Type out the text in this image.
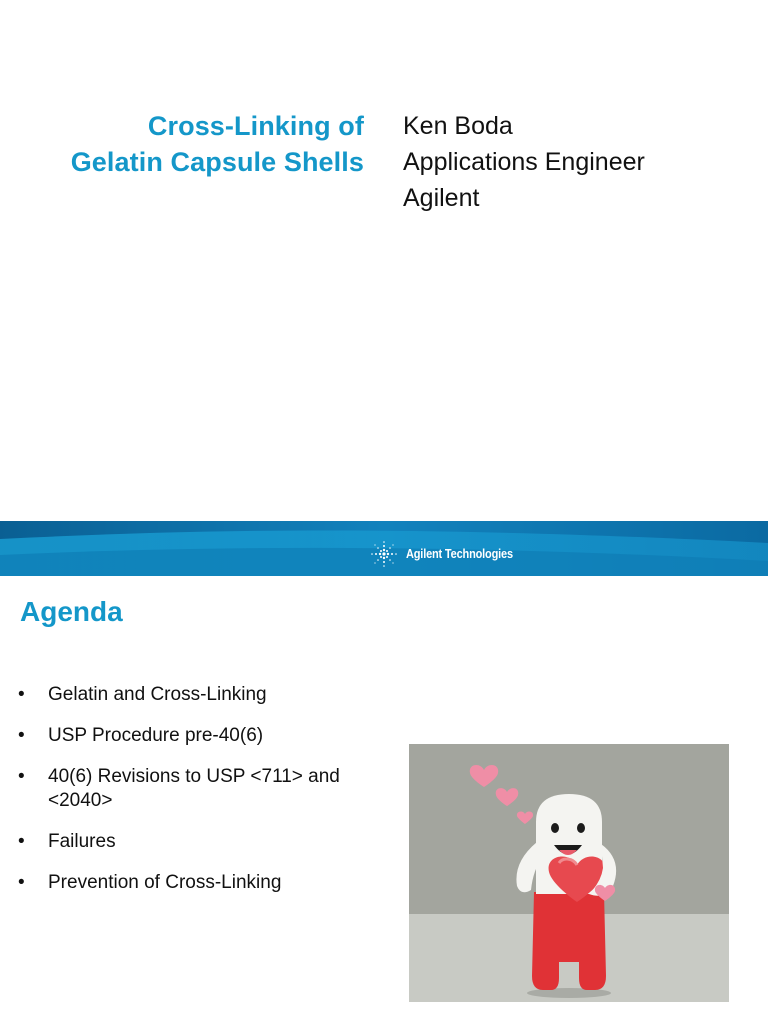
Cross-Linking of
Gelatin Capsule Shells
Ken Boda
Applications Engineer
Agilent
Agilent Technologies
Agenda
• Gelatin and Cross-Linking
• USP Procedure pre-40(6)
• 40(6) Revisions to USP <711> and <2040>
• Failures
• Prevention of Cross-Linking
